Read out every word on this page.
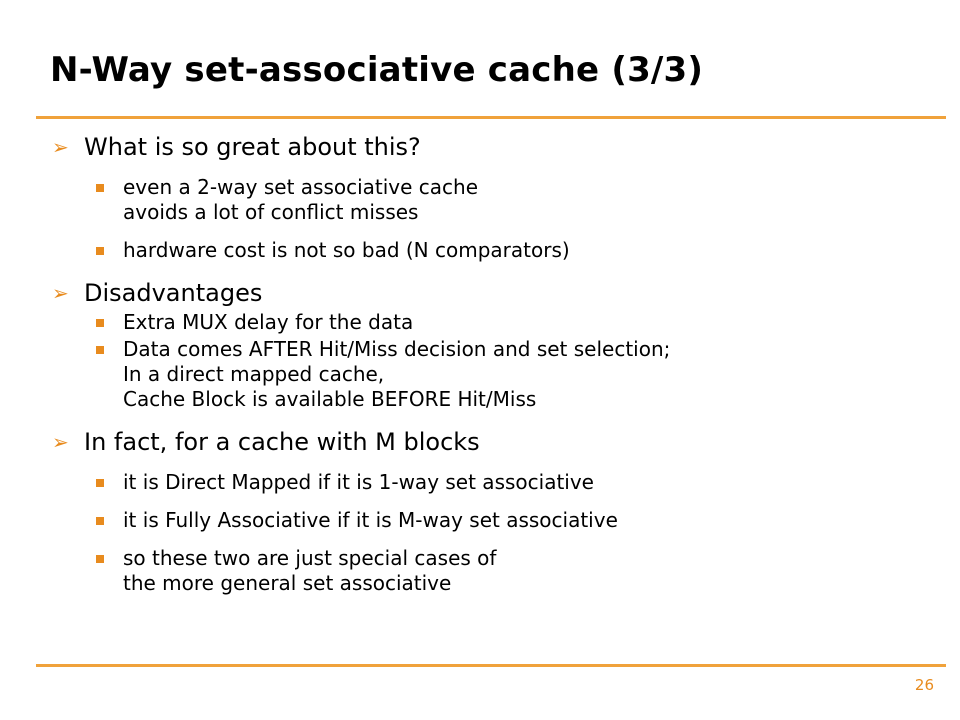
N-Way set-associative cache (3/3)
➢ What is so great about this?
even a 2-way set associative cache
avoids a lot of conflict misses
hardware cost is not so bad (N comparators)
➢ Disadvantages
Extra MUX delay for the data
Data comes AFTER Hit/Miss decision and set selection;
In a direct mapped cache,
Cache Block is available BEFORE Hit/Miss
➢ In fact, for a cache with M blocks
it is Direct Mapped if it is 1-way set associative
it is Fully Associative if it is M-way set associative
so these two are just special cases of
the more general set associative
26
